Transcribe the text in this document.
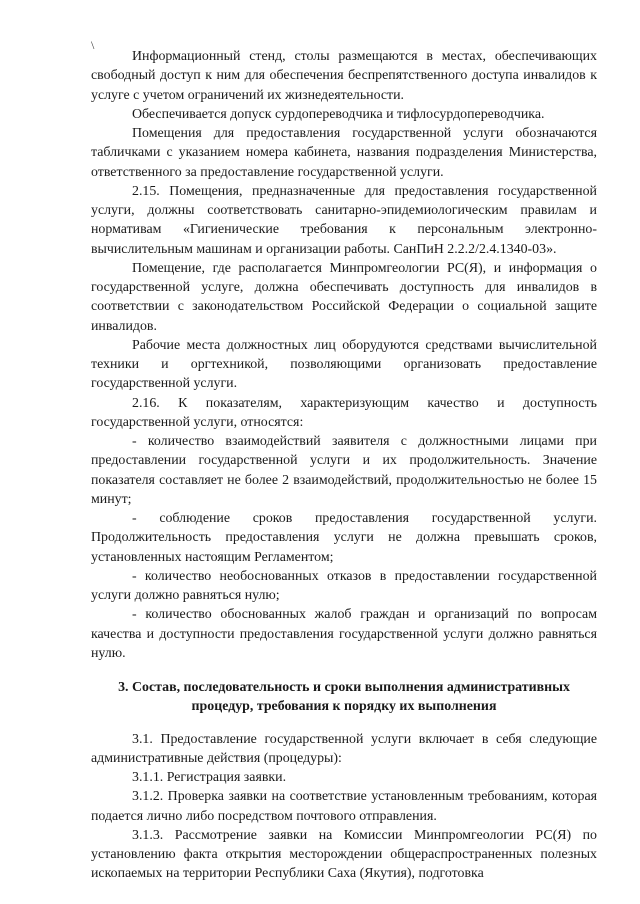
\

Информационный стенд, столы размещаются в местах, обеспечивающих свободный доступ к ним для обеспечения беспрепятственного доступа инвалидов к услуге с учетом ограничений их жизнедеятельности.

Обеспечивается допуск сурдопереводчика и тифлосурдопереводчика.

Помещения для предоставления государственной услуги обозначаются табличками с указанием номера кабинета, названия подразделения Министерства, ответственного за предоставление государственной услуги.

2.15. Помещения, предназначенные для предоставления государственной услуги, должны соответствовать санитарно-эпидемиологическим правилам и нормативам «Гигиенические требования к персональным электронно-вычислительным машинам и организации работы. СанПиН 2.2.2/2.4.1340-03».

Помещение, где располагается Минпромгеологии РС(Я), и информация о государственной услуге, должна обеспечивать доступность для инвалидов в соответствии с законодательством Российской Федерации о социальной защите инвалидов.

Рабочие места должностных лиц оборудуются средствами вычислительной техники и оргтехникой, позволяющими организовать предоставление государственной услуги.

2.16. К показателям, характеризующим качество и доступность государственной услуги, относятся:

- количество взаимодействий заявителя с должностными лицами при предоставлении государственной услуги и их продолжительность. Значение показателя составляет не более 2 взаимодействий, продолжительностью не более 15 минут;

- соблюдение сроков предоставления государственной услуги. Продолжительность предоставления услуги не должна превышать сроков, установленных настоящим Регламентом;

- количество необоснованных отказов в предоставлении государственной услуги должно равняться нулю;

- количество обоснованных жалоб граждан и организаций по вопросам качества и доступности предоставления государственной услуги должно равняться нулю.

3. Состав, последовательность и сроки выполнения административных

процедур, требования к порядку их выполнения

3.1. Предоставление государственной услуги включает в себя следующие административные действия (процедуры):

3.1.1. Регистрация заявки.

3.1.2. Проверка заявки на соответствие установленным требованиям, которая подается лично либо посредством почтового отправления.

3.1.3. Рассмотрение заявки на Комиссии Минпромгеологии РС(Я) по установлению факта открытия месторождении общераспространенных полезных ископаемых на территории Республики Саха (Якутия), подготовка
